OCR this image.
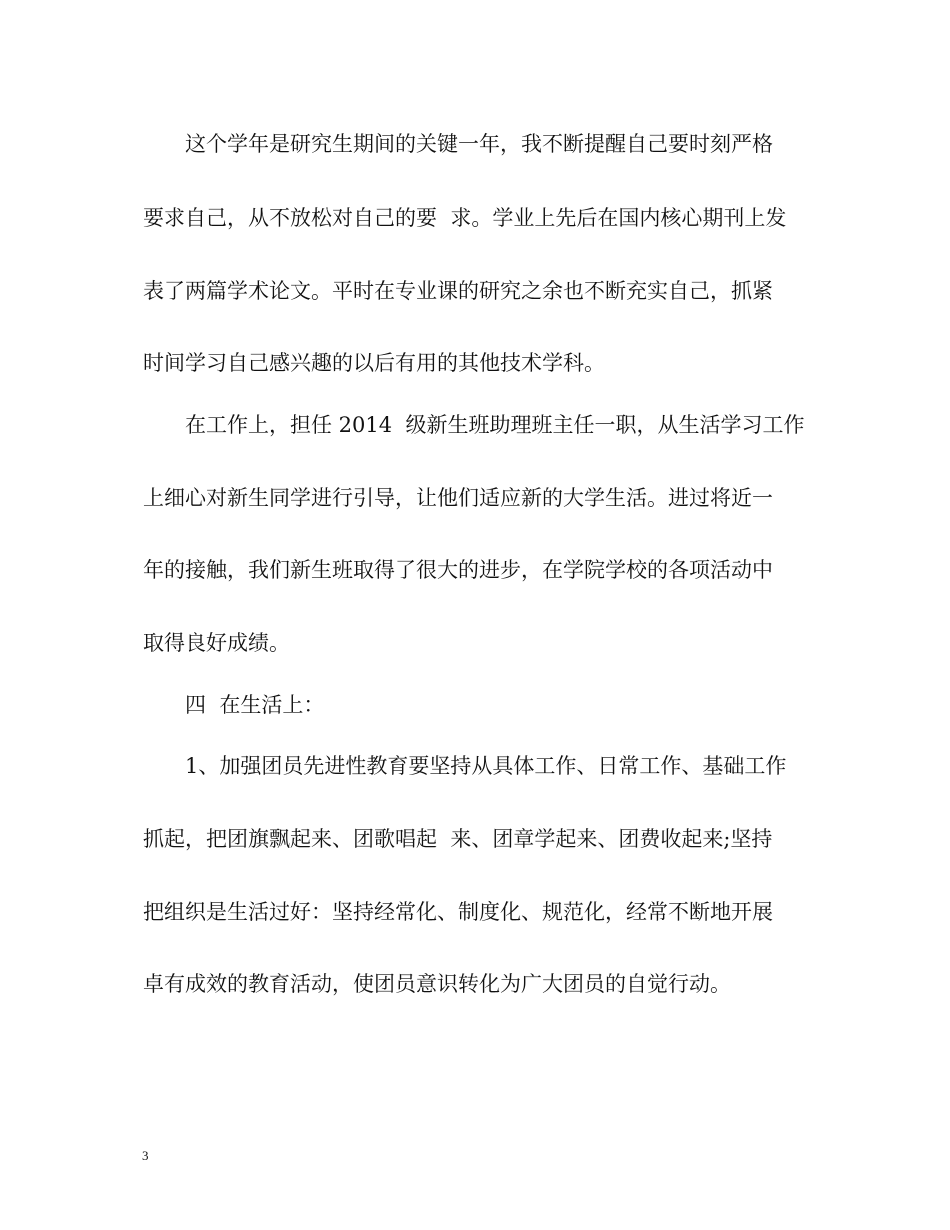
这个学年是研究生期间的关键一年，我不断提醒自己要时刻严格

要求自己，从不放松对自己的要  求。学业上先后在国内核心期刊上发

表了两篇学术论文。平时在专业课的研究之余也不断充实自己，抓紧

时间学习自己感兴趣的以后有用的其他技术学科。

在工作上，担任 2014  级新生班助理班主任一职，从生活学习工作

上细心对新生同学进行引导，让他们适应新的大学生活。进过将近一

年的接触，我们新生班取得了很大的进步，在学院学校的各项活动中

取得良好成绩。

四  在生活上：

1、加强团员先进性教育要坚持从具体工作、日常工作、基础工作

抓起，把团旗飘起来、团歌唱起  来、团章学起来、团费收起来;坚持

把组织是生活过好：坚持经常化、制度化、规范化，经常不断地开展

卓有成效的教育活动，使团员意识转化为广大团员的自觉行动。

3
